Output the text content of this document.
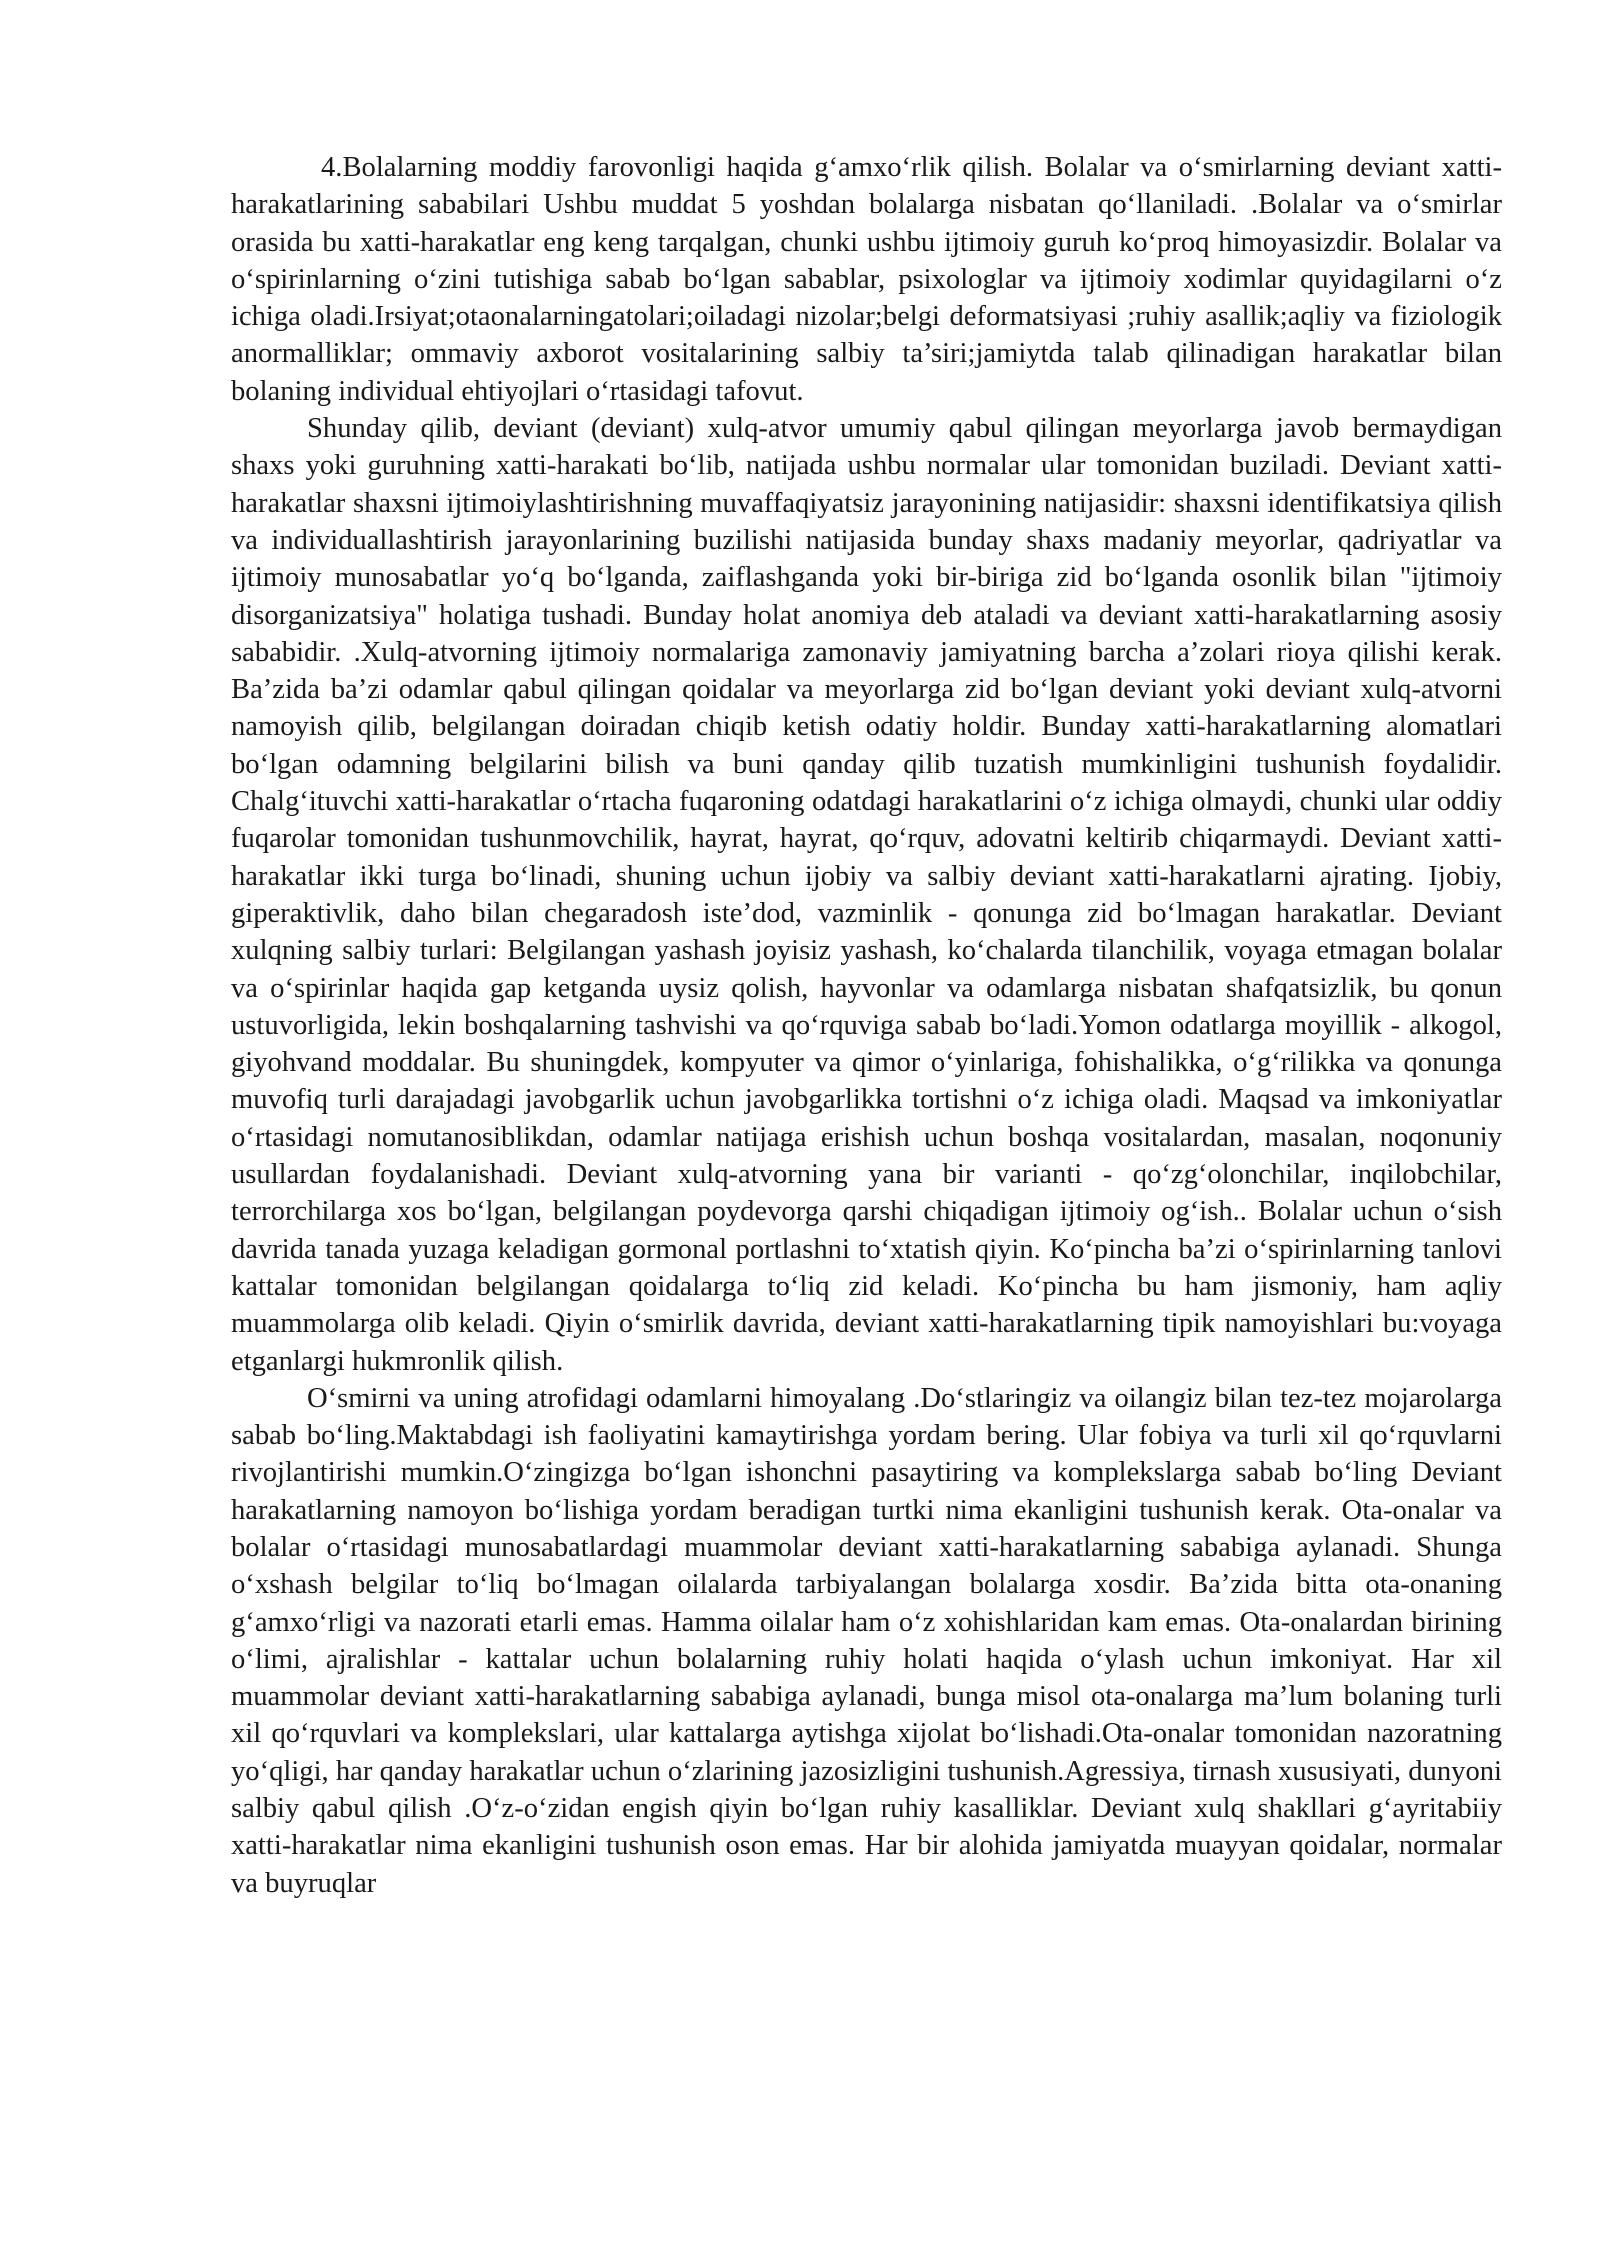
4.Bolalarning moddiy farovonligi haqida gʻamxoʻrlik qilish. Bolalar va oʻsmirlarning deviant xatti-harakatlarining sababilari Ushbu muddat 5 yoshdan bolalarga nisbatan qoʻllaniladi. .Bolalar va oʻsmirlar orasida bu xatti-harakatlar eng keng tarqalgan, chunki ushbu ijtimoiy guruh koʻproq himoyasizdir. Bolalar va oʻspirinlarning oʻzini tutishiga sabab boʻlgan sabablar, psixologlar va ijtimoiy xodimlar quyidagilarni oʻz ichiga oladi.Irsiyat;otaonalarningatolari;oiladagi nizolar;belgi deformatsiyasi ;ruhiy asallik;aqliy va fiziologik anormalliklar; ommaviy axborot vositalarining salbiy ta’siri;jamiytda talab qilinadigan harakatlar bilan bolaning individual ehtiyojlari oʻrtasidagi tafovut.

Shunday qilib, deviant (deviant) xulq-atvor umumiy qabul qilingan meyorlarga javob bermaydigan shaxs yoki guruhning xatti-harakati boʻlib, natijada ushbu normalar ular tomonidan buziladi. Deviant xatti-harakatlar shaxsni ijtimoiylashtirishning muvaffaqiyatsiz jarayonining natijasidir: shaxsni identifikatsiya qilish va individuallashtirish jarayonlarining buzilishi natijasida bunday shaxs madaniy meyorlar, qadriyatlar va ijtimoiy munosabatlar yoʻq boʻlganda, zaiflashganda yoki bir-biriga zid boʻlganda osonlik bilan "ijtimoiy disorganizatsiya" holatiga tushadi. Bunday holat anomiya deb ataladi va deviant xatti-harakatlarning asosiy sababidir. .Xulq-atvorning ijtimoiy normalariga zamonaviy jamiyatning barcha a’zolari rioya qilishi kerak. Ba’zida ba’zi odamlar qabul qilingan qoidalar va meyorlarga zid boʻlgan deviant yoki deviant xulq-atvorni namoyish qilib, belgilangan doiradan chiqib ketish odatiy holdir. Bunday xatti-harakatlarning alomatlari boʻlgan odamning belgilarini bilish va buni qanday qilib tuzatish mumkinligini tushunish foydalidir. Chalgʻituvchi xatti-harakatlar oʻrtacha fuqaroning odatdagi harakatlarini oʻz ichiga olmaydi, chunki ular oddiy fuqarolar tomonidan tushunmovchilik, hayrat, hayrat, qoʻrquv, adovatni keltirib chiqarmaydi. Deviant xatti-harakatlar ikki turga boʻlinadi, shuning uchun ijobiy va salbiy deviant xatti-harakatlarni ajrating. Ijobiy, giperaktivlik, daho bilan chegaradosh iste’dod, vazminlik - qonunga zid boʻlmagan harakatlar. Deviant xulqning salbiy turlari: Belgilangan yashash joyisiz yashash, koʻchalarda tilanchilik, voyaga etmagan bolalar va oʻspirinlar haqida gap ketganda uysiz qolish, hayvonlar va odamlarga nisbatan shafqatsizlik, bu qonun ustuvorligida, lekin boshqalarning tashvishi va qoʻrquviga sabab boʻladi.Yomon odatlarga moyillik - alkogol, giyohvand moddalar. Bu shuningdek, kompyuter va qimor oʻyinlariga, fohishalikka, oʻgʻrilikka va qonunga muvofiq turli darajadagi javobgarlik uchun javobgarlikka tortishni oʻz ichiga oladi. Maqsad va imkoniyatlar oʻrtasidagi nomutanosiblikdan, odamlar natijaga erishish uchun boshqa vositalardan, masalan, noqonuniy usullardan foydalanishadi. Deviant xulq-atvorning yana bir varianti - qoʻzgʻolonchilar, inqilobchilar, terrorchilarga xos boʻlgan, belgilangan poydevorga qarshi chiqadigan ijtimoiy ogʻish.. Bolalar uchun oʻsish davrida tanada yuzaga keladigan gormonal portlashni toʻxtatish qiyin. Koʻpincha ba’zi oʻspirinlarning tanlovi kattalar tomonidan belgilangan qoidalarga toʻliq zid keladi. Koʻpincha bu ham jismoniy, ham aqliy muammolarga olib keladi. Qiyin oʻsmirlik davrida, deviant xatti-harakatlarning tipik namoyishlari bu:voyaga etganlargi hukmronlik qilish.

Oʻsmirni va uning atrofidagi odamlarni himoyalang .Doʻstlaringiz va oilangiz bilan tez-tez mojarolarga sabab boʻling.Maktabdagi ish faoliyatini kamaytirishga yordam bering. Ular fobiya va turli xil qoʻrquvlarni rivojlantirishi mumkin.Oʻzingizga boʻlgan ishonchni pasaytiring va komplekslarga sabab boʻling Deviant harakatlarning namoyon boʻlishiga yordam beradigan turtki nima ekanligini tushunish kerak. Ota-onalar va bolalar oʻrtasidagi munosabatlardagi muammolar deviant xatti-harakatlarning sababiga aylanadi. Shunga oʻxshash belgilar toʻliq boʻlmagan oilalarda tarbiyalangan bolalarga xosdir. Ba’zida bitta ota-onaning gʻamxoʻrligi va nazorati etarli emas. Hamma oilalar ham oʻz xohishlaridan kam emas. Ota-onalardan birining oʻlimi, ajralishlar - kattalar uchun bolalarning ruhiy holati haqida oʻylash uchun imkoniyat. Har xil muammolar deviant xatti-harakatlarning sababiga aylanadi, bunga misol ota-onalarga ma’lum bolaning turli xil qoʻrquvlari va komplekslari, ular kattalarga aytishga xijolat boʻlishadi.Ota-onalar tomonidan nazoratning yoʻqligi, har qanday harakatlar uchun oʻzlarining jazosizligini tushunish.Agressiya, tirnash xususiyati, dunyoni salbiy qabul qilish .Oʻz-oʻzidan engish qiyin boʻlgan ruhiy kasalliklar. Deviant xulq shakllari gʻayritabiiy xatti-harakatlar nima ekanligini tushunish oson emas. Har bir alohida jamiyatda muayyan qoidalar, normalar va buyruqlar
